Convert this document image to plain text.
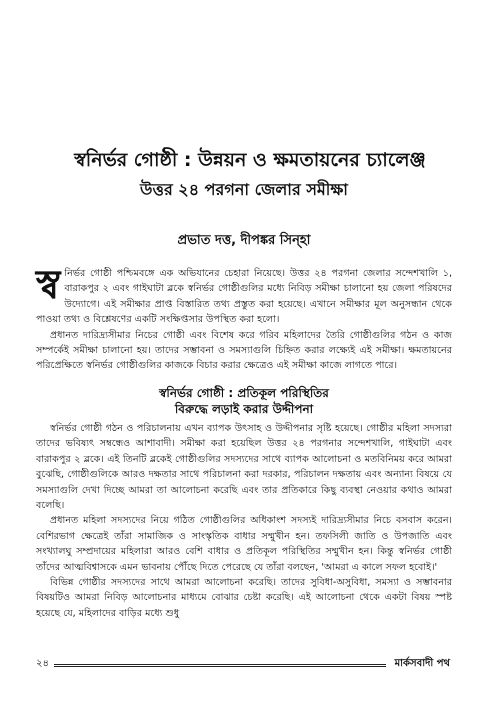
স্বনির্ভর গোষ্ঠী : উন্নয়ন ও ক্ষমতায়নের চ্যালেঞ্জ
উত্তর ২৪ পরগনা জেলার সমীক্ষা
প্রভাত দত্ত, দীপঙ্কর সিন্হা

স্ব নির্ভর গোষ্ঠী পশ্চিমবঙ্গে এক অভিযানের চেহারা নিয়েছে। উত্তর ২৪ পরগনা জেলার সন্দেশখালি ১, বারাকপুর ২ এবং গাইঘাটা ব্লকে স্বনির্ভর গোষ্ঠীগুলির মধ্যে নিবিড় সমীক্ষা চালানো হয় জেলা পরিষদের উদ্যোগে। এই সমীক্ষার প্রাপ্ত বিস্তারিত তথ্য প্রস্তুত করা হয়েছে। এখানে সমীক্ষার মূল অনুসন্ধান থেকে পাওয়া তথ্য ও বিশ্লেষণের একটি সংক্ষিপ্তসার উপস্থিত করা হলো।

প্রধানত দারিদ্র্যসীমার নিচের গোষ্ঠী এবং বিশেষ করে গরিব মহিলাদের তৈরি গোষ্ঠীগুলির গঠন ও কাজ সম্পর্কেই সমীক্ষা চালানো হয়। তাদের সম্ভাবনা ও সমস্যাগুলি চিহ্নিত করার লক্ষ্যেই এই সমীক্ষা। ক্ষমতায়নের পরিপ্রেক্ষিতে স্বনির্ভর গোষ্ঠীগুলির কাজকে বিচার করার ক্ষেত্রেও এই সমীক্ষা কাজে লাগতে পারে।

স্বনির্ভর গোষ্ঠী : প্রতিকূল পরিস্থিতির
বিরুদ্ধে লড়াই করার উদ্দীপনা

স্বনির্ভর গোষ্ঠী গঠন ও পরিচালনায় এখন ব্যাপক উৎসাহ ও উদ্দীপনার সৃষ্টি হয়েছে। গোষ্ঠীর মহিলা সদস্যরা তাদের ভবিষ্যৎ সম্বন্ধেও আশাবাদী। সমীক্ষা করা হয়েছিল উত্তর ২৪ পরগনার সন্দেশখালি, গাইঘাটা এবং বারাকপুর ২ ব্লকে। এই তিনটি ব্লকেই গোষ্ঠীগুলির সদস্যদের সাথে ব্যাপক আলোচনা ও মতবিনিময় করে আমরা বুঝেছি, গোষ্ঠীগুলিকে আরও দক্ষতার সাথে পরিচালনা করা দরকার, পরিচালন দক্ষতায় এবং অন্যান্য বিষয়ে যে সমস্যাগুলি দেখা দিচ্ছে আমরা তা আলোচনা করেছি এবং তার প্রতিকারে কিছু ব্যবস্থা নেওয়ার কথাও আমরা বলেছি।

প্রধানত মহিলা সদস্যদের নিয়ে গঠিত গোষ্ঠীগুলির অধিকাংশ সদস্যই দারিদ্র্যসীমার নিচে বসবাস করেন। বেশিরভাগ ক্ষেত্রেই তাঁরা সামাজিক ও সাংস্কৃতিক বাধার সম্মুখীন হন। তফসিলী জাতি ও উপজাতি এবং সংখ্যালঘু সম্প্রদায়ের মহিলারা আরও বেশি বাধার ও প্রতিকূল পরিস্থিতির সম্মুখীন হন। কিন্তু স্বনির্ভর গোষ্ঠী তাঁদের আত্মবিশ্বাসকে এমন ভাবনায় পৌঁছে দিতে পেরেছে যে তাঁরা বলছেন, 'আমরা এ কালে সফল হবোই।'

বিভিন্ন গোষ্ঠীর সদস্যদের সাথে আমরা আলোচনা করেছি। তাদের সুবিধা-অসুবিধা, সমস্যা ও সম্ভাবনার বিষয়টিও আমরা নিবিড় আলোচনার মাধ্যমে বোঝার চেষ্টা করেছি। এই আলোচনা থেকে একটা বিষয় স্পষ্ট হয়েছে যে, মহিলাদের বাড়ির মধ্যে শুধু

২৪	মার্কসবাদী পথ
